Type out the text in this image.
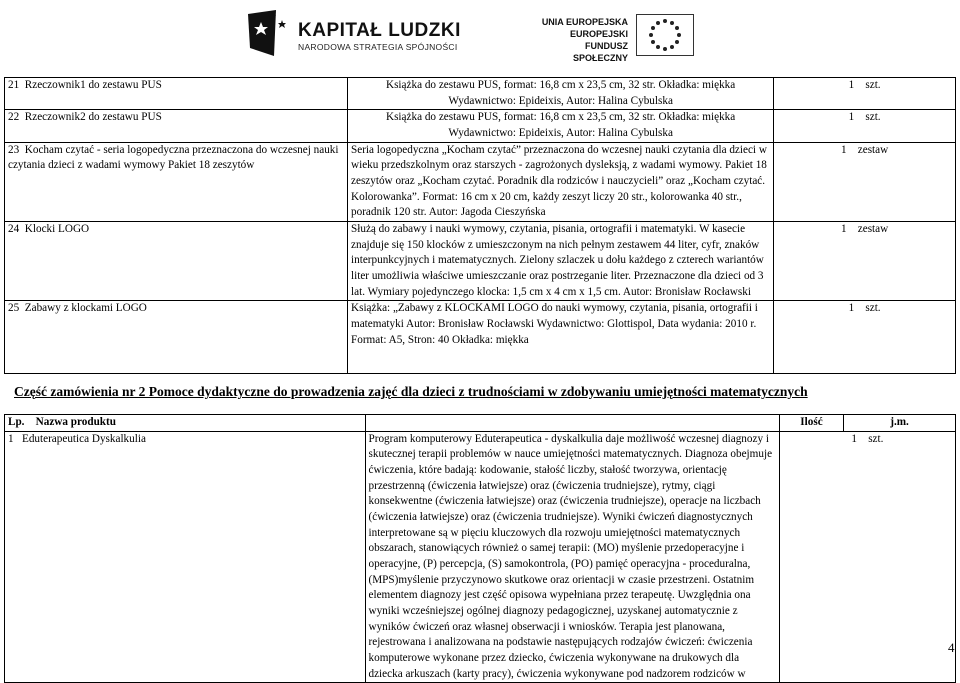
KAPITAŁ LUDZKI
NARODOWA STRATEGIA SPÓJNOŚCI
UNIA EUROPEJSKA
EUROPEJSKI
FUNDUSZ SPOŁECZNY
21 Rzeczownik1 do zestawu PUS	Książka do zestawu PUS, format: 16,8 cm x 23,5 cm, 32 str. Okładka: miękka
Wydawnictwo: Epideixis, Autor: Halina Cybulska	1 szt.
22 Rzeczownik2 do zestawu PUS	Książka do zestawu PUS, format: 16,8 cm x 23,5 cm, 32 str. Okładka: miękka
Wydawnictwo: Epideixis, Autor: Halina Cybulska	1 szt.
23 Kocham czytać - seria logopedyczna przeznaczona do wczesnej nauki czytania dzieci z wadami wymowy Pakiet 18 zeszytów	Seria logopedyczna „Kocham czytać” przeznaczona do wczesnej nauki czytania dla dzieci w wieku przedszkolnym oraz starszych - zagrożonych dysleksją, z wadami wymowy. Pakiet 18 zeszytów oraz „Kocham czytać. Poradnik dla rodziców i nauczycieli” oraz „Kocham czytać. Kolorowanka”. Format: 16 cm x 20 cm, każdy zeszyt liczy 20 str., kolorowanka 40 str., poradnik 120 str. Autor: Jagoda Cieszyńska	1 zestaw
24 Klocki LOGO	Służą do zabawy i nauki wymowy, czytania, pisania, ortografii i matematyki. W kasecie znajduje się 150 klocków z umieszczonym na nich pełnym zestawem 44 liter, cyfr, znaków interpunkcyjnych i matematycznych. Zielony szlaczek u dołu każdego z czterech wariantów liter umożliwia właściwe umieszczanie oraz postrzeganie liter. Przeznaczone dla dzieci od 3 lat. Wymiary pojedynczego klocka: 1,5 cm x 4 cm x 1,5 cm. Autor: Bronisław Rocławski	1 zestaw
25 Zabawy z klockami LOGO	Książka: „Zabawy z KLOCKAMI LOGO do nauki wymowy, czytania, pisania, ortografii i matematyki Autor: Bronisław Rocławski Wydawnictwo: Glottispol, Data wydania: 2010 r. Format: A5, Stron: 40 Okładka: miękka	1 szt.
Część zamówienia nr 2 Pomoce dydaktyczne do prowadzenia zajęć dla dzieci z trudnościami w zdobywaniu umiejętności matematycznych
Lp. Nazwa produktu		Ilość	j.m.
1 Eduterapeutica Dyskalkulia	Program komputerowy Eduterapeutica - dyskalkulia daje możliwość wczesnej diagnozy i skutecznej terapii problemów w nauce umiejętności matematycznych. Diagnoza obejmuje ćwiczenia, które badają: kodowanie, stałość liczby, stałość tworzywa, orientację przestrzenną (ćwiczenia łatwiejsze) oraz (ćwiczenia trudniejsze), rytmy, ciągi konsekwentne (ćwiczenia łatwiejsze) oraz (ćwiczenia trudniejsze), operacje na liczbach (ćwiczenia łatwiejsze) oraz (ćwiczenia trudniejsze). Wyniki ćwiczeń diagnostycznych interpretowane są w pięciu kluczowych dla rozwoju umiejętności matematycznych obszarach, stanowiących również o samej terapii: (MO) myślenie przedoperacyjne i operacyjne, (P) percepcja, (S) samokontrola, (PO) pamięć operacyjna - proceduralna, (MPS)myślenie przyczynowo skutkowe oraz orientacji w czasie przestrzeni. Ostatnim elementem diagnozy jest część opisowa wypełniana przez terapeutę. Uwzględnia ona wyniki wcześniejszej ogólnej diagnozy pedagogicznej, uzyskanej automatycznie z wyników ćwiczeń oraz własnej obserwacji i wniosków. Terapia jest planowana, rejestrowana i analizowana na podstawie następujących rodzajów ćwiczeń: ćwiczenia komputerowe wykonane przez dziecko, ćwiczenia wykonywane na drukowych dla dziecka arkuszach (karty pracy), ćwiczenia wykonywane pod nadzorem rodziców w	1 szt.	
4
